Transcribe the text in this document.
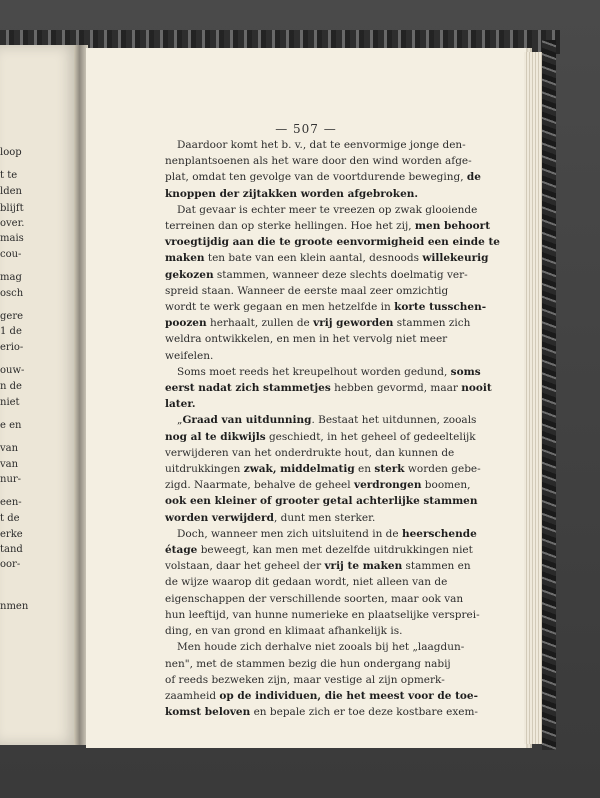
loop
t te
lden
blijft
over.
mais
cou-
mag
osch
gere
1 de
erio-
ouw-
n de
niet
e en
van
van
nur-
een-
t de
erke
tand
oor-
nmen
— 507 —
Daardoor komt het b. v., dat te eenvormige jonge den-
nenplantsoenen als het ware door den wind worden afge-
plat, omdat ten gevolge van de voortdurende beweging, de
knoppen der zijtakken worden afgebroken.
Dat gevaar is echter meer te vreezen op zwak glooiende
terreinen dan op sterke hellingen. Hoe het zij, men behoort
vroegtijdig aan die te groote eenvormigheid een einde te
maken ten bate van een klein aantal, desnoods willekeurig
gekozen stammen, wanneer deze slechts doelmatig ver-
spreid staan. Wanneer de eerste maal zeer omzichtig
wordt te werk gegaan en men hetzelfde in korte tusschen-
poozen herhaalt, zullen de vrij geworden stammen zich
weldra ontwikkelen, en men in het vervolg niet meer
weifelen.
Soms moet reeds het kreupelhout worden gedund, soms
eerst nadat zich stammetjes hebben gevormd, maar nooit
later.
„Graad van uitdunning. Bestaat het uitdunnen, zooals
nog al te dikwijls geschiedt, in het geheel of gedeeltelijk
verwijderen van het onderdrukte hout, dan kunnen de
uitdrukkingen zwak, middelmatig en sterk worden gebe-
zigd. Naarmate, behalve de geheel verdrongen boomen,
ook een kleiner of grooter getal achterlijke stammen
worden verwijderd, dunt men sterker.
Doch, wanneer men zich uitsluitend in de heerschende
étage beweegt, kan men met dezelfde uitdrukkingen niet
volstaan, daar het geheel der vrij te maken stammen en
de wijze waarop dit gedaan wordt, niet alleen van de
eigenschappen der verschillende soorten, maar ook van
hun leeftijd, van hunne numerieke en plaatselijke versprei-
ding, en van grond en klimaat afhankelijk is.
Men houde zich derhalve niet zooals bij het „laagdun-
nen", met de stammen bezig die hun ondergang nabij
of reeds bezweken zijn, maar vestige al zijn opmerk-
zaamheid op de individuen, die het meest voor de toe-
komst beloven en bepale zich er toe deze kostbare exem-
